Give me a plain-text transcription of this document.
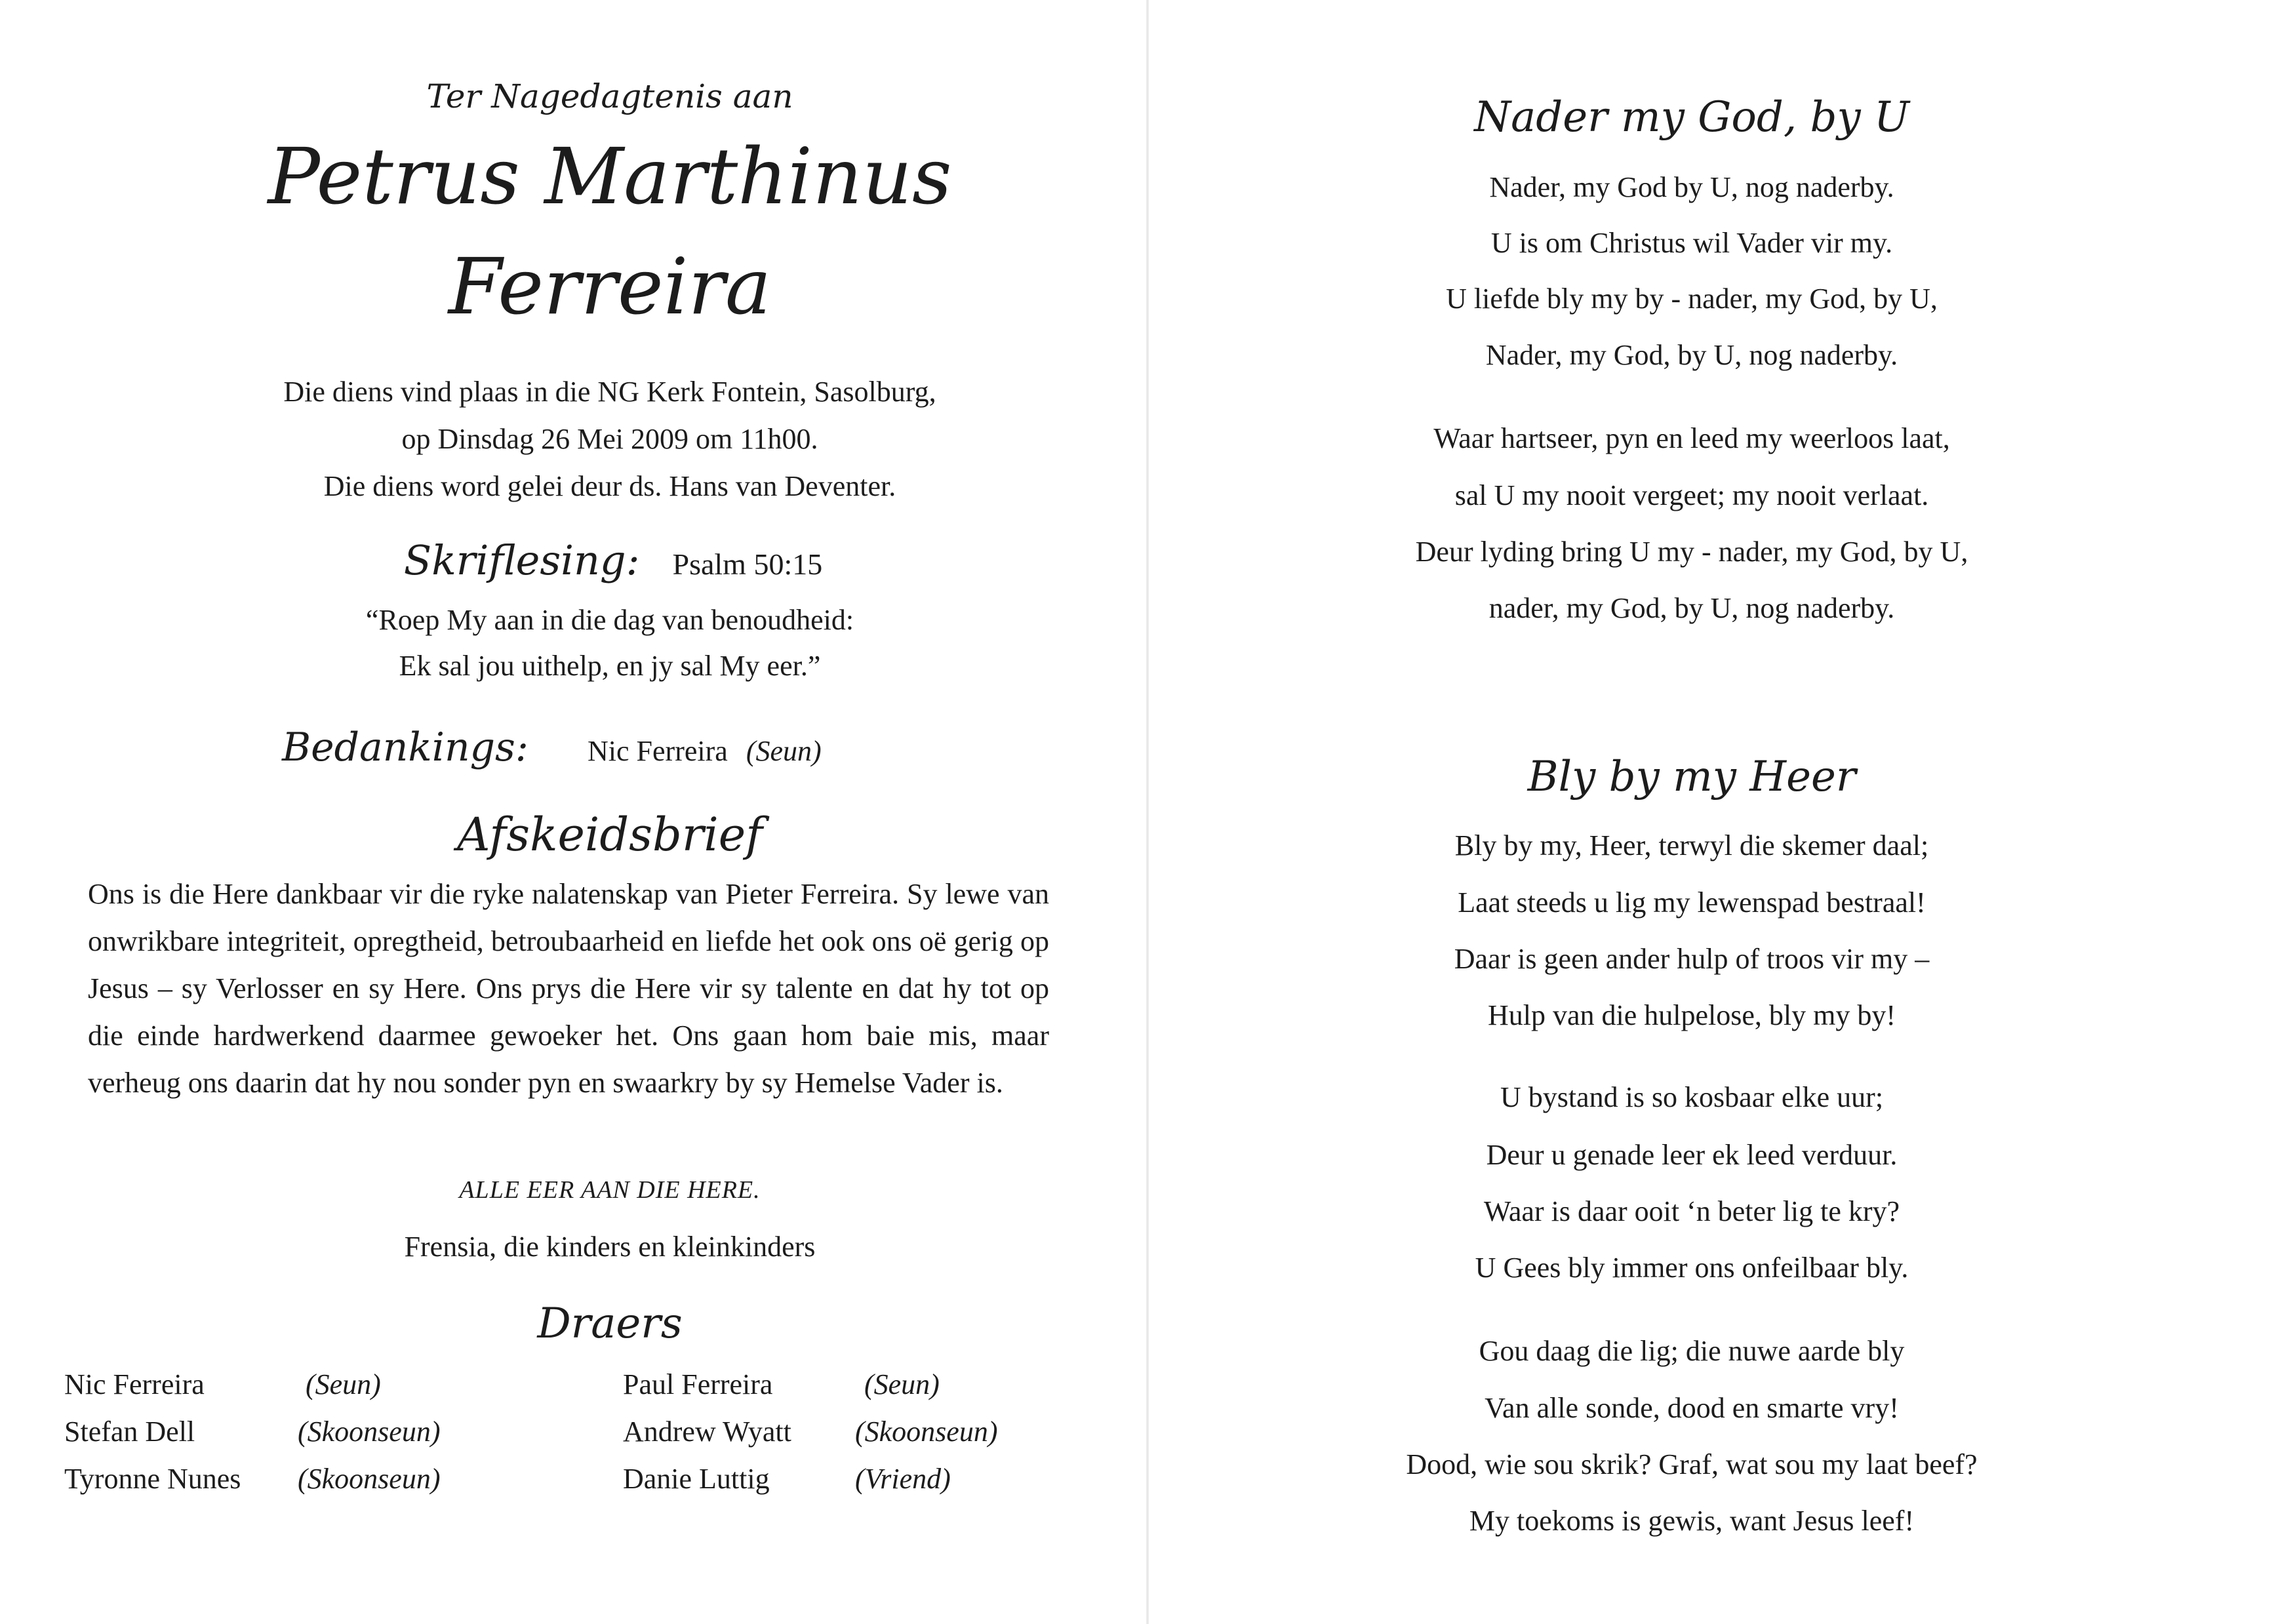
Ter Nagedagtenis aan
Petrus Marthinus
Ferreira
Die diens vind plaas in die NG Kerk Fontein, Sasolburg,
op Dinsdag 26 Mei 2009 om 11h00.
Die diens word gelei deur ds. Hans van Deventer.
Skriflesing: Psalm 50:15
“Roep My aan in die dag van benoudheid:
Ek sal jou uithelp, en jy sal My eer.”
Bedankings: Nic Ferreira (Seun)
Afskeidsbrief
Ons is die Here dankbaar vir die ryke nalatenskap van Pieter Ferreira. Sy lewe van onwrikbare integriteit, opregtheid, betroubaarheid en liefde het ook ons oë gerig op Jesus – sy Verlosser en sy Here. Ons prys die Here vir sy talente en dat hy tot op die einde hardwerkend daarmee gewoeker het. Ons gaan hom baie mis, maar verheug ons daarin dat hy nou sonder pyn en swaarkry by sy Hemelse Vader is.
ALLE EER AAN DIE HERE.
Frensia, die kinders en kleinkinders
Draers
Nic Ferreira	(Seun)
Stefan Dell	(Skoonseun)
Tyronne Nunes (Skoonseun)
Paul Ferreira	(Seun)
Andrew Wyatt (Skoonseun)
Danie Luttig	(Vriend)
Nader my God, by U
Nader, my God by U, nog naderby.
U is om Christus wil Vader vir my.
U liefde bly my by - nader, my God, by U,
Nader, my God, by U, nog naderby.
Waar hartseer, pyn en leed my weerloos laat,
sal U my nooit vergeet; my nooit verlaat.
Deur lyding bring U my - nader, my God, by U,
nader, my God, by U, nog naderby.
Bly by my Heer
Bly by my, Heer, terwyl die skemer daal;
Laat steeds u lig my lewenspad bestraal!
Daar is geen ander hulp of troos vir my –
Hulp van die hulpelose, bly my by!
U bystand is so kosbaar elke uur;
Deur u genade leer ek leed verduur.
Waar is daar ooit ‘n beter lig te kry?
U Gees bly immer ons onfeilbaar bly.
Gou daag die lig; die nuwe aarde bly
Van alle sonde, dood en smarte vry!
Dood, wie sou skrik? Graf, wat sou my laat beef?
My toekoms is gewis, want Jesus leef!
